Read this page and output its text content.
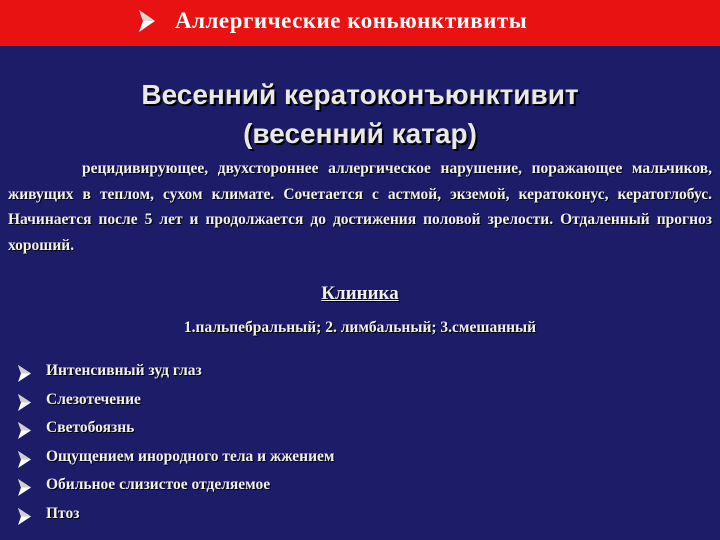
Аллергические коньюнктивиты
Весенний кератоконъюнктивит
(весенний катар)
рецидивирующее, двухстороннее аллергическое нарушение, поражающее мальчиков, живущих в теплом, сухом климате. Сочетается с астмой, экземой, кератоконус, кератоглобус. Начинается после 5 лет и продолжается до достижения половой зрелости. Отдаленный прогноз хороший.
Клиника
1.пальпебральный; 2. лимбальный; 3.смешанный
Интенсивный зуд глаз
Слезотечение
Светобоязнь
Ощущением инородного тела и жжением
Обильное слизистое отделяемое
Птоз
